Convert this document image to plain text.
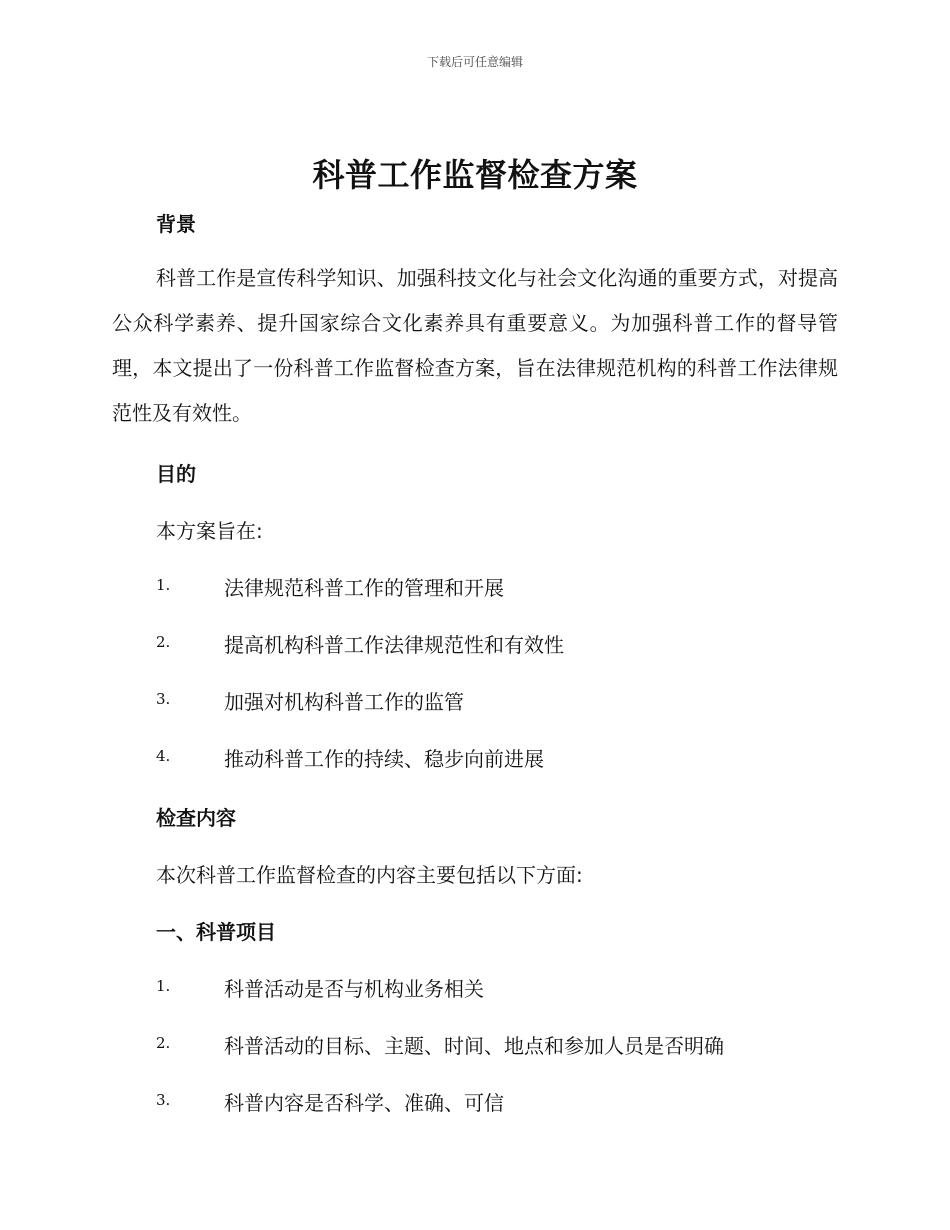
下载后可任意编辑
科普工作监督检查方案
背景
科普工作是宣传科学知识、加强科技文化与社会文化沟通的重要方式，对提高公众科学素养、提升国家综合文化素养具有重要意义。为加强科普工作的督导管理，本文提出了一份科普工作监督检查方案，旨在法律规范机构的科普工作法律规范性及有效性。
目的
本方案旨在:
1.	法律规范科普工作的管理和开展
2.	提高机构科普工作法律规范性和有效性
3.	加强对机构科普工作的监管
4.	推动科普工作的持续、稳步向前进展
检查内容
本次科普工作监督检查的内容主要包括以下方面:
一、科普项目
1.	科普活动是否与机构业务相关
2.	科普活动的目标、主题、时间、地点和参加人员是否明确
3.	科普内容是否科学、准确、可信
